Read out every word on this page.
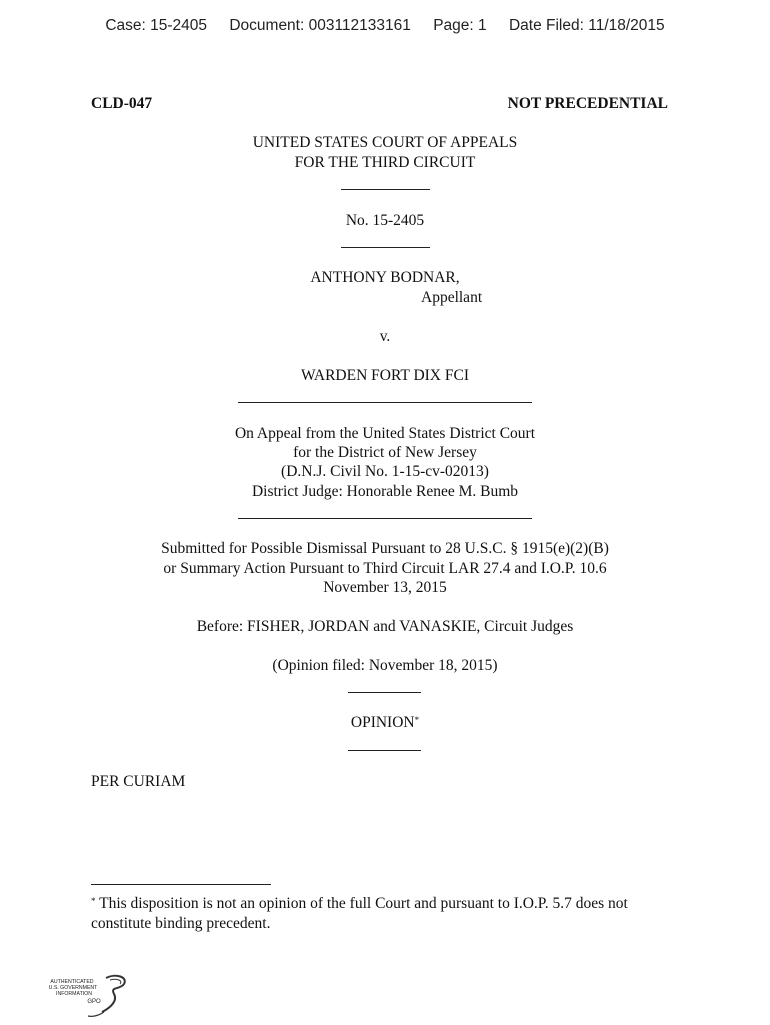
Case: 15-2405 Document: 003112133161 Page: 1 Date Filed: 11/18/2015
CLD-047	NOT PRECEDENTIAL
UNITED STATES COURT OF APPEALS
FOR THE THIRD CIRCUIT
No. 15-2405
ANTHONY BODNAR,
Appellant
v.
WARDEN FORT DIX FCI
On Appeal from the United States District Court
for the District of New Jersey
(D.N.J. Civil No. 1-15-cv-02013)
District Judge: Honorable Renee M. Bumb
Submitted for Possible Dismissal Pursuant to 28 U.S.C. § 1915(e)(2)(B)
or Summary Action Pursuant to Third Circuit LAR 27.4 and I.O.P. 10.6
November 13, 2015
Before: FISHER, JORDAN and VANASKIE, Circuit Judges
(Opinion filed: November 18, 2015)
OPINION*
PER CURIAM
* This disposition is not an opinion of the full Court and pursuant to I.O.P. 5.7 does not
constitute binding precedent.
AUTHENTICATED
U.S. GOVERNMENT
INFORMATION
GPO
